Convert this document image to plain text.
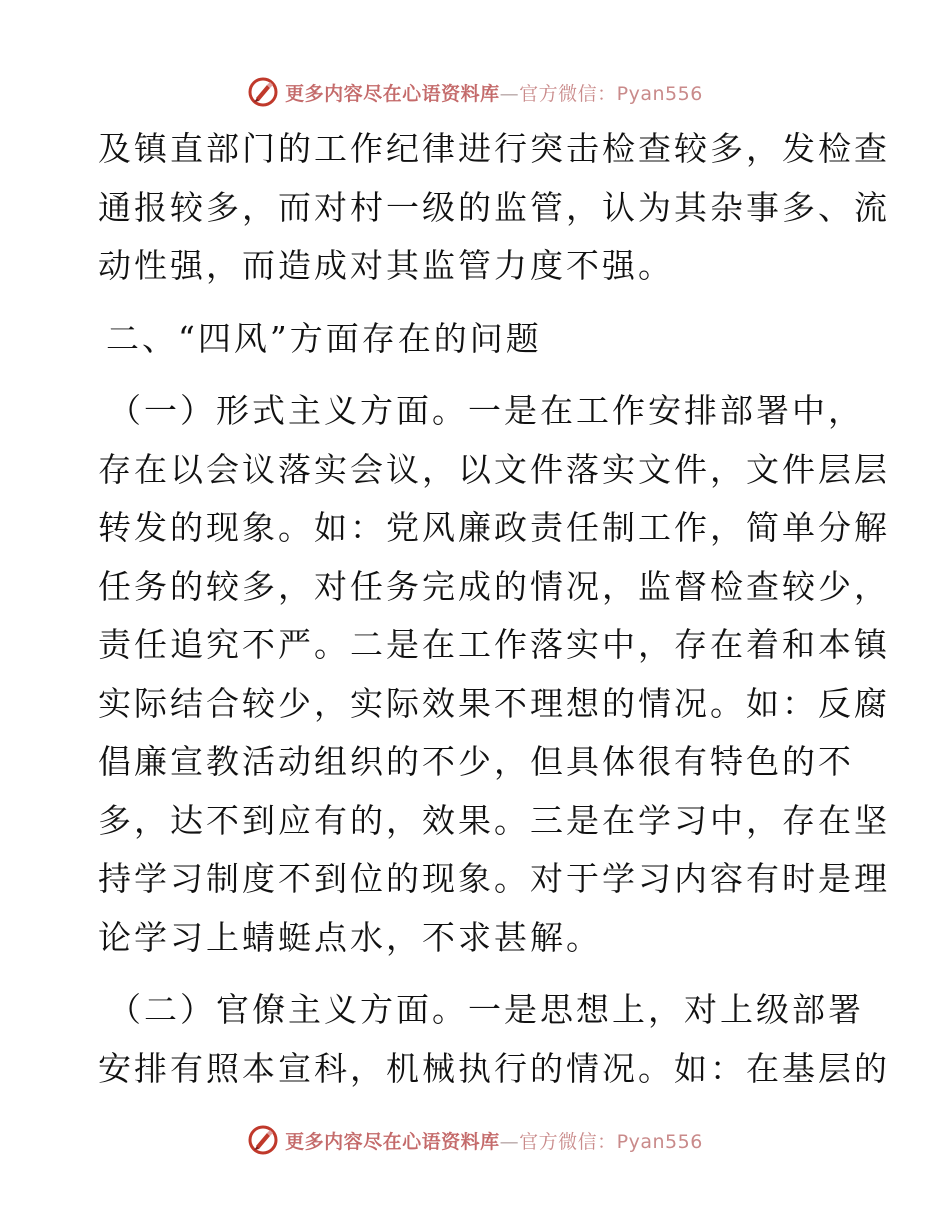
更多内容尽在心语资料库—官方微信：Pyan556

及镇直部门的工作纪律进行突击检查较多，发检查
通报较多，而对村一级的监管，认为其杂事多、流
动性强，而造成对其监管力度不强。

二、“四风”方面存在的问题

（一）形式主义方面。一是在工作安排部署中，
存在以会议落实会议，以文件落实文件，文件层层
转发的现象。如：党风廉政责任制工作，简单分解
任务的较多，对任务完成的情况，监督检查较少，
责任追究不严。二是在工作落实中，存在着和本镇
实际结合较少，实际效果不理想的情况。如：反腐
倡廉宣教活动组织的不少，但具体很有特色的不
多，达不到应有的，效果。三是在学习中，存在坚
持学习制度不到位的现象。对于学习内容有时是理
论学习上蜻蜓点水，不求甚解。

（二）官僚主义方面。一是思想上，对上级部署
安排有照本宣科，机械执行的情况。如：在基层的

更多内容尽在心语资料库—官方微信：Pyan556
